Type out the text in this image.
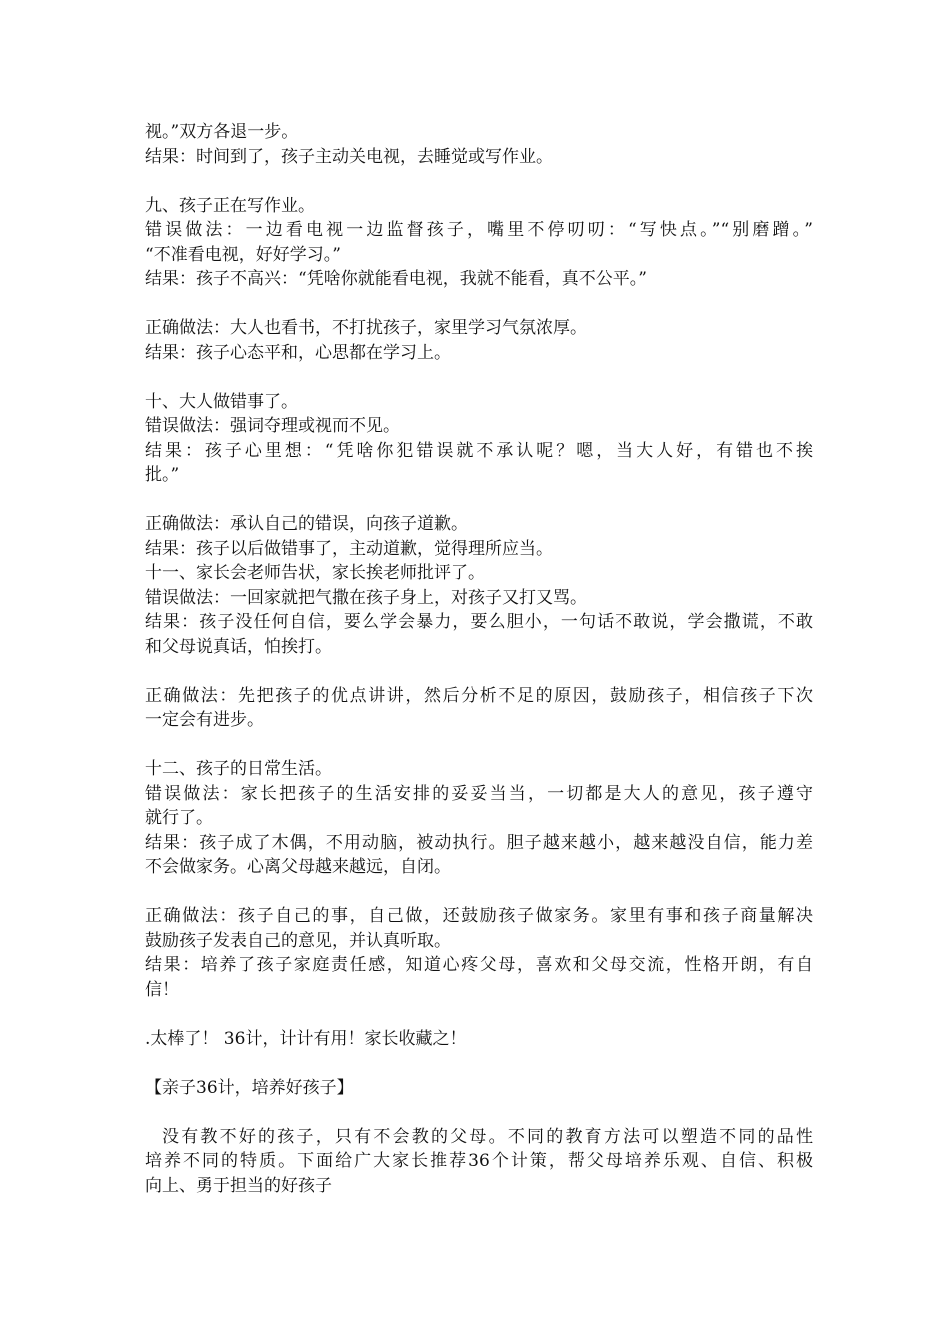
视。”双方各退一步。
结果：时间到了，孩子主动关电视，去睡觉或写作业。
九、孩子正在写作业。
错误做法：一边看电视一边监督孩子，嘴里不停叨叨：“写快点。”“别磨蹭。”
“不准看电视，好好学习。”
结果：孩子不高兴：“凭啥你就能看电视，我就不能看，真不公平。”
正确做法：大人也看书，不打扰孩子，家里学习气氛浓厚。
结果：孩子心态平和，心思都在学习上。
十、大人做错事了。
错误做法：强词夺理或视而不见。
结果：孩子心里想：“凭啥你犯错误就不承认呢？嗯，当大人好，有错也不挨
批。”
正确做法：承认自己的错误，向孩子道歉。
结果：孩子以后做错事了，主动道歉，觉得理所应当。
十一、家长会老师告状，家长挨老师批评了。
错误做法：一回家就把气撒在孩子身上，对孩子又打又骂。
结果：孩子没任何自信，要么学会暴力，要么胆小，一句话不敢说，学会撒谎，不敢
和父母说真话，怕挨打。
正确做法：先把孩子的优点讲讲，然后分析不足的原因，鼓励孩子，相信孩子下次
一定会有进步。
十二、孩子的日常生活。
错误做法：家长把孩子的生活安排的妥妥当当，一切都是大人的意见，孩子遵守
就行了。
结果：孩子成了木偶，不用动脑，被动执行。胆子越来越小，越来越没自信，能力差
不会做家务。心离父母越来越远，自闭。
正确做法：孩子自己的事，自己做，还鼓励孩子做家务。家里有事和孩子商量解决
鼓励孩子发表自己的意见，并认真听取。
结果：培养了孩子家庭责任感，知道心疼父母，喜欢和父母交流，性格开朗，有自
信！
.太棒了！ 36计，计计有用！家长收藏之！
【亲子36计，培养好孩子】
没有教不好的孩子，只有不会教的父母。不同的教育方法可以塑造不同的品性
培养不同的特质。下面给广大家长推荐36个计策，帮父母培养乐观、自信、积极
向上、勇于担当的好孩子
